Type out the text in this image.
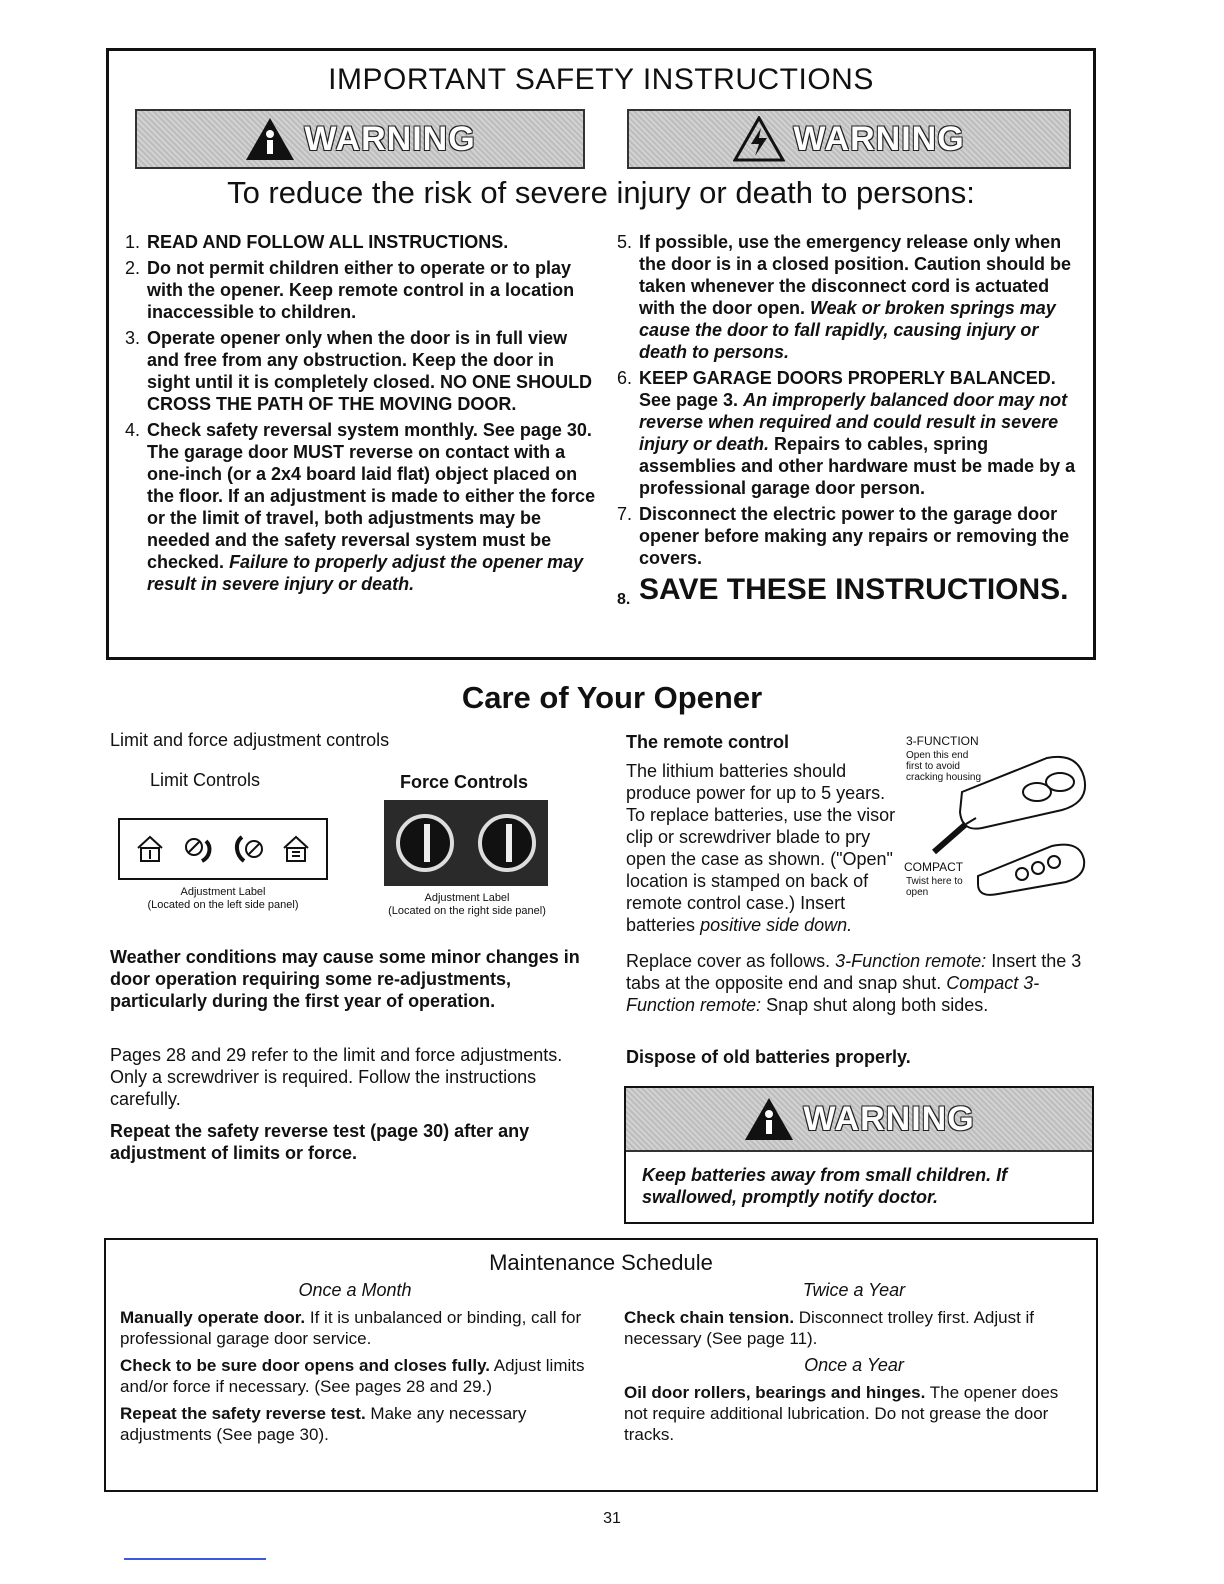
IMPORTANT SAFETY INSTRUCTIONS
WARNING	WARNING
To reduce the risk of severe injury or death to persons:
1. READ AND FOLLOW ALL INSTRUCTIONS.
2. Do not permit children either to operate or to play with the opener. Keep remote control in a location inaccessible to children.
3. Operate opener only when the door is in full view and free from any obstruction. Keep the door in sight until it is completely closed. NO ONE SHOULD CROSS THE PATH OF THE MOVING DOOR.
4. Check safety reversal system monthly. See page 30. The garage door MUST reverse on contact with a one-inch (or a 2x4 board laid flat) object placed on the floor. If an adjustment is made to either the force or the limit of travel, both adjustments may be needed and the safety reversal system must be checked. Failure to properly adjust the opener may result in severe injury or death.
5. If possible, use the emergency release only when the door is in a closed position. Caution should be taken whenever the disconnect cord is actuated with the door open. Weak or broken springs may cause the door to fall rapidly, causing injury or death to persons.
6. KEEP GARAGE DOORS PROPERLY BALANCED. See page 3. An improperly balanced door may not reverse when required and could result in severe injury or death. Repairs to cables, spring assemblies and other hardware must be made by a professional garage door person.
7. Disconnect the electric power to the garage door opener before making any repairs or removing the covers.
8. SAVE THESE INSTRUCTIONS.
Care of Your Opener
Limit and force adjustment controls
Limit Controls	Force Controls
Adjustment Label
(Located on the left side panel)
Adjustment Label
(Located on the right side panel)
Weather conditions may cause some minor changes in door operation requiring some re-adjustments, particularly during the first year of operation.
Pages 28 and 29 refer to the limit and force adjustments. Only a screwdriver is required. Follow the instructions carefully.
Repeat the safety reverse test (page 30) after any adjustment of limits or force.
The remote control
The lithium batteries should produce power for up to 5 years. To replace batteries, use the visor clip or screwdriver blade to pry open the case as shown. ("Open" location is stamped on back of remote control case.) Insert batteries positive side down.
3-FUNCTION
Open this end first to avoid cracking housing
COMPACT
Twist here to open
Replace cover as follows. 3-Function remote: Insert the 3 tabs at the opposite end and snap shut. Compact 3-Function remote: Snap shut along both sides.
Dispose of old batteries properly.
WARNING
Keep batteries away from small children. If swallowed, promptly notify doctor.
Maintenance Schedule
Once a Month

Manually operate door. If it is unbalanced or binding, call for professional garage door service.

Check to be sure door opens and closes fully. Adjust limits and/or force if necessary. (See pages 28 and 29.)

Repeat the safety reverse test. Make any necessary adjustments (See page 30).

Twice a Year

Check chain tension. Disconnect trolley first. Adjust if necessary (See page 11).

Once a Year

Oil door rollers, bearings and hinges. The opener does not require additional lubrication. Do not grease the door tracks.

31
